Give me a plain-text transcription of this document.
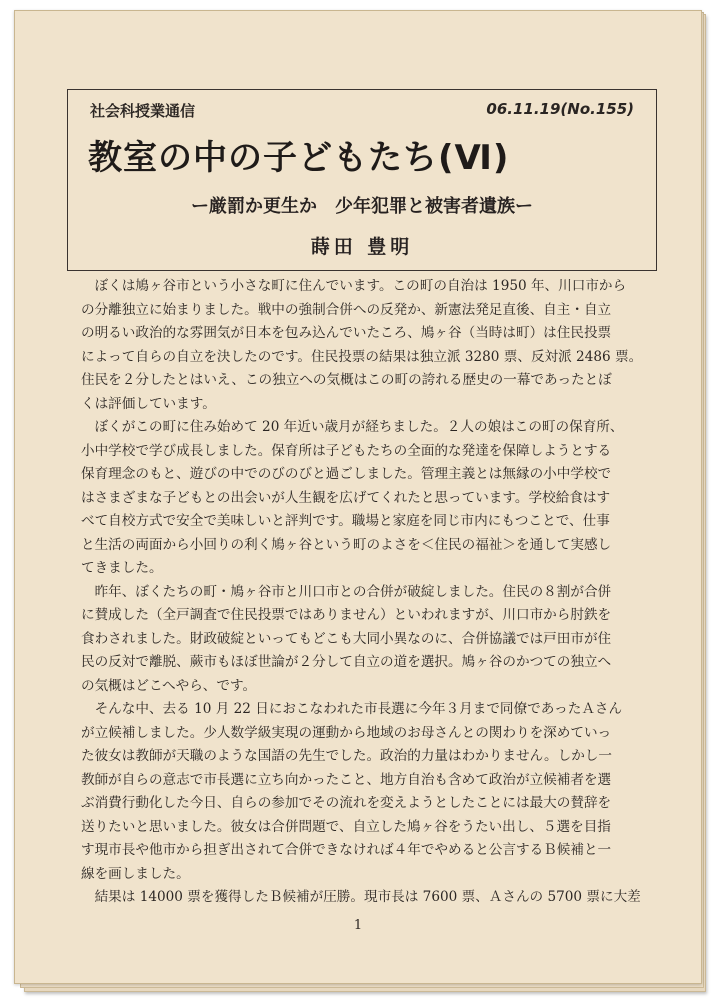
社会科授業通信	06.11.19(No.155)
教室の中の子どもたち(Ⅵ)
ー厳罰か更生か　少年犯罪と被害者遺族ー
蒔田 豊明

　ぼくは鳩ヶ谷市という小さな町に住んでいます。この町の自治は 1950 年、川口市から

の分離独立に始まりました。戦中の強制合併への反発か、新憲法発足直後、自主・自立

の明るい政治的な雰囲気が日本を包み込んでいたころ、鳩ヶ谷（当時は町）は住民投票

によって自らの自立を決したのです。住民投票の結果は独立派 3280 票、反対派 2486 票。

住民を２分したとはいえ、この独立への気概はこの町の誇れる歴史の一幕であったとぼ

くは評価しています。

　ぼくがこの町に住み始めて 20 年近い歳月が経ちました。２人の娘はこの町の保育所、

小中学校で学び成長しました。保育所は子どもたちの全面的な発達を保障しようとする

保育理念のもと、遊びの中でのびのびと過ごしました。管理主義とは無縁の小中学校で

はさまざまな子どもとの出会いが人生観を広げてくれたと思っています。学校給食はす

べて自校方式で安全で美味しいと評判です。職場と家庭を同じ市内にもつことで、仕事

と生活の両面から小回りの利く鳩ヶ谷という町のよさを＜住民の福祉＞を通して実感し

てきました。

　昨年、ぼくたちの町・鳩ヶ谷市と川口市との合併が破綻しました。住民の８割が合併

に賛成した（全戸調査で住民投票ではありません）といわれますが、川口市から肘鉄を

食わされました。財政破綻といってもどこも大同小異なのに、合併協議では戸田市が住

民の反対で離脱、蕨市もほぼ世論が２分して自立の道を選択。鳩ヶ谷のかつての独立へ

の気概はどこへやら、です。

　そんな中、去る 10 月 22 日におこなわれた市長選に今年３月まで同僚であったＡさん

が立候補しました。少人数学級実現の運動から地域のお母さんとの関わりを深めていっ

た彼女は教師が天職のような国語の先生でした。政治的力量はわかりません。しかし一

教師が自らの意志で市長選に立ち向かったこと、地方自治も含めて政治が立候補者を選

ぶ消費行動化した今日、自らの参加でその流れを変えようとしたことには最大の賛辞を

送りたいと思いました。彼女は合併問題で、自立した鳩ヶ谷をうたい出し、５選を目指

す現市長や他市から担ぎ出されて合併できなければ４年でやめると公言するＢ候補と一

線を画しました。

　結果は 14000 票を獲得したＢ候補が圧勝。現市長は 7600 票、Ａさんの 5700 票に大差

1
